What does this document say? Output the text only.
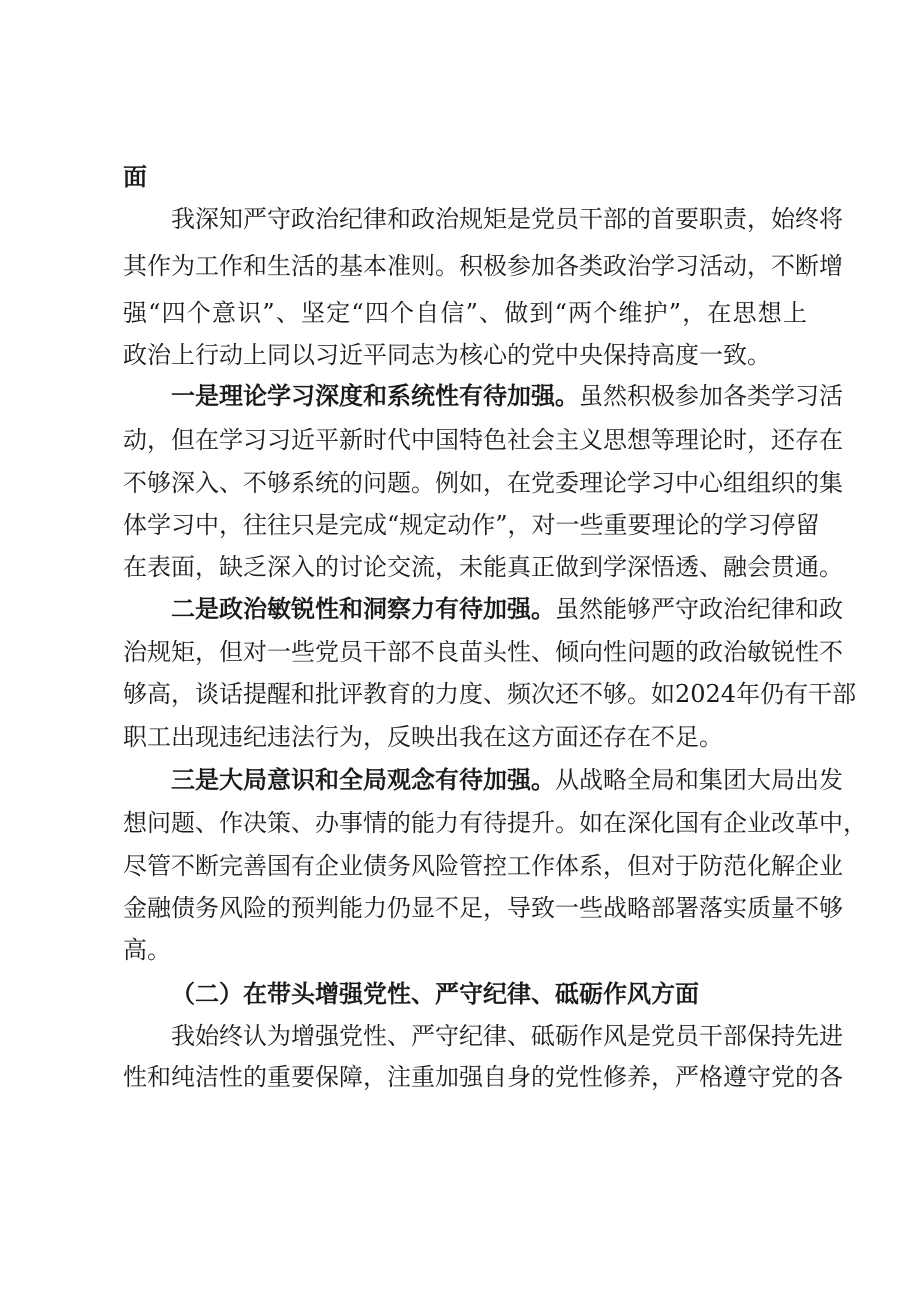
面
我深知严守政治纪律和政治规矩是党员干部的首要职责，始终将
其作为工作和生活的基本准则。积极参加各类政治学习活动，不断增
强“四个意识”、坚定“四个自信”、做到“两个维护”，在思想上
政治上行动上同以习近平同志为核心的党中央保持高度一致。
一是理论学习深度和系统性有待加强。虽然积极参加各类学习活
动，但在学习习近平新时代中国特色社会主义思想等理论时，还存在
不够深入、不够系统的问题。例如，在党委理论学习中心组组织的集
体学习中，往往只是完成“规定动作”，对一些重要理论的学习停留
在表面，缺乏深入的讨论交流，未能真正做到学深悟透、融会贯通。
二是政治敏锐性和洞察力有待加强。虽然能够严守政治纪律和政
治规矩，但对一些党员干部不良苗头性、倾向性问题的政治敏锐性不
够高，谈话提醒和批评教育的力度、频次还不够。如2024年仍有干部
职工出现违纪违法行为，反映出我在这方面还存在不足。
三是大局意识和全局观念有待加强。从战略全局和集团大局出发
想问题、作决策、办事情的能力有待提升。如在深化国有企业改革中，
尽管不断完善国有企业债务风险管控工作体系，但对于防范化解企业
金融债务风险的预判能力仍显不足，导致一些战略部署落实质量不够
高。
（二）在带头增强党性、严守纪律、砥砺作风方面
我始终认为增强党性、严守纪律、砥砺作风是党员干部保持先进
性和纯洁性的重要保障，注重加强自身的党性修养，严格遵守党的各
